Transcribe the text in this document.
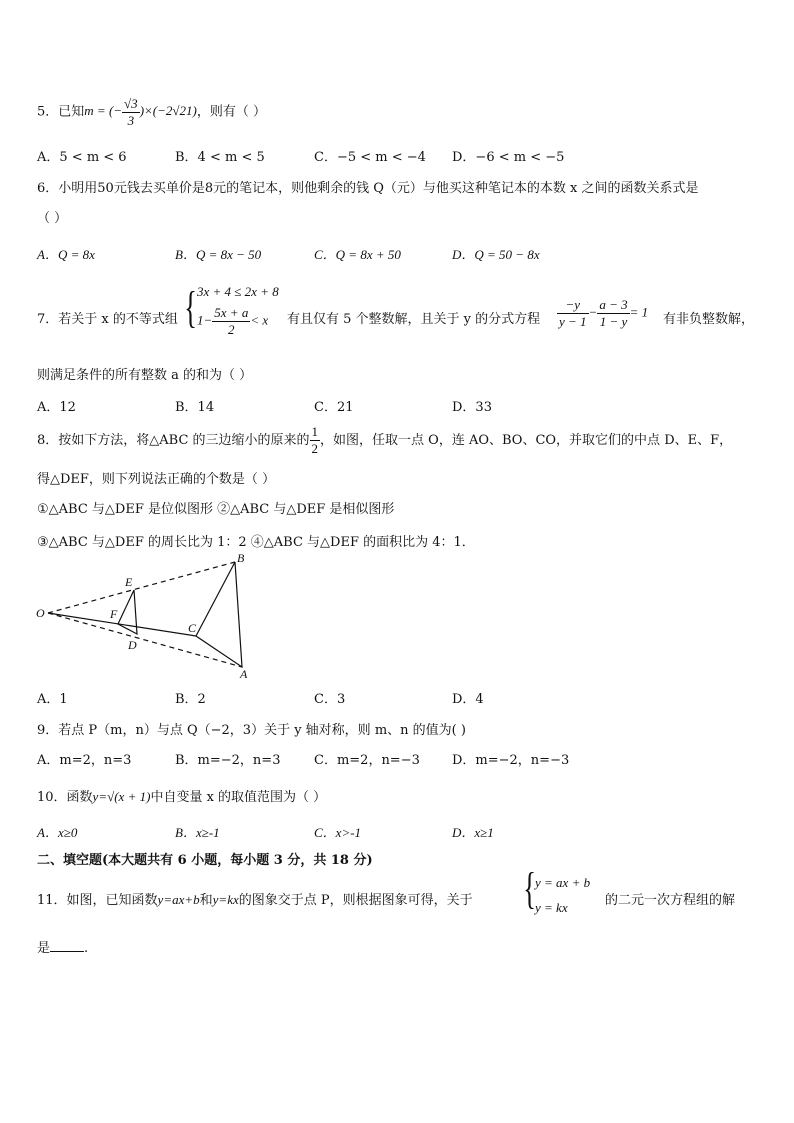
5．已知m = (− $\frac{√3}{3} )\times(-2√21)$，则有（ ）
A．5 < m < 6	B．4 < m < 5	C．−5 < m < −4 D．−6 < m < −5
6．小明用50元钱去买单价是8元的笔记本，则他剩余的钱 Q（元）与他买这种笔记本的本数 x 之间的函数关系式是
（ ）
A．Q = 8x	B．Q = 8x − 50	C．Q = 8x + 50	D．Q = 50 − 8x
7．若关于 x 的不等式组 { 3x + 4 ≤ 2x + 8
$1- \frac{5x + a}{2} < x$ 有且仅有 5 个整数解，且关于 y 的分式方程 $\frac{-y}{y - 1} - \frac{a - 3}{1 - y} = 1$
有非负整数解，
则满足条件的所有整数 a 的和为（ ）
A．12	B．14	C．21	D．33
8．按如下方法，将△ABC 的三边缩小的原来的 $\frac{1}{2}$ ，如图，任取一点 O，连 AO、BO、CO，并取它们的中点 D、E、F，
得△DEF，则下列说法正确的个数是（ ）
①△ABC 与△DEF 是位似图形 ②△ABC 与△DEF 是相似图形
③△ABC 与△DEF 的周长比为 1：2 ④△ABC 与△DEF 的面积比为 4：1．
O
E
F
D
C
B
A
A．1	B．2	C．3	D．4
9．若点 P（m，n）与点 Q（−2，3）关于 y 轴对称，则 m、n 的值为( )
A．m=2，n=3	B．m=−2，n=3	C．m=2，n=−3 D．m=−2，n=−3
10．函数y=√(x + 1)中自变量 x 的取值范围为（ ）
A．x≥0	B．x≥-1	C．x>-1	D．x≥1
二、填空题(本大题共有 6 小题，每小题 3 分，共 18 分)
11．如图，已知函数y=ax+b和y=kx的图象交于点 P，则根据图象可得，关于 { y = ax + b
y = kx	的二元一次方程组的解
是	.
